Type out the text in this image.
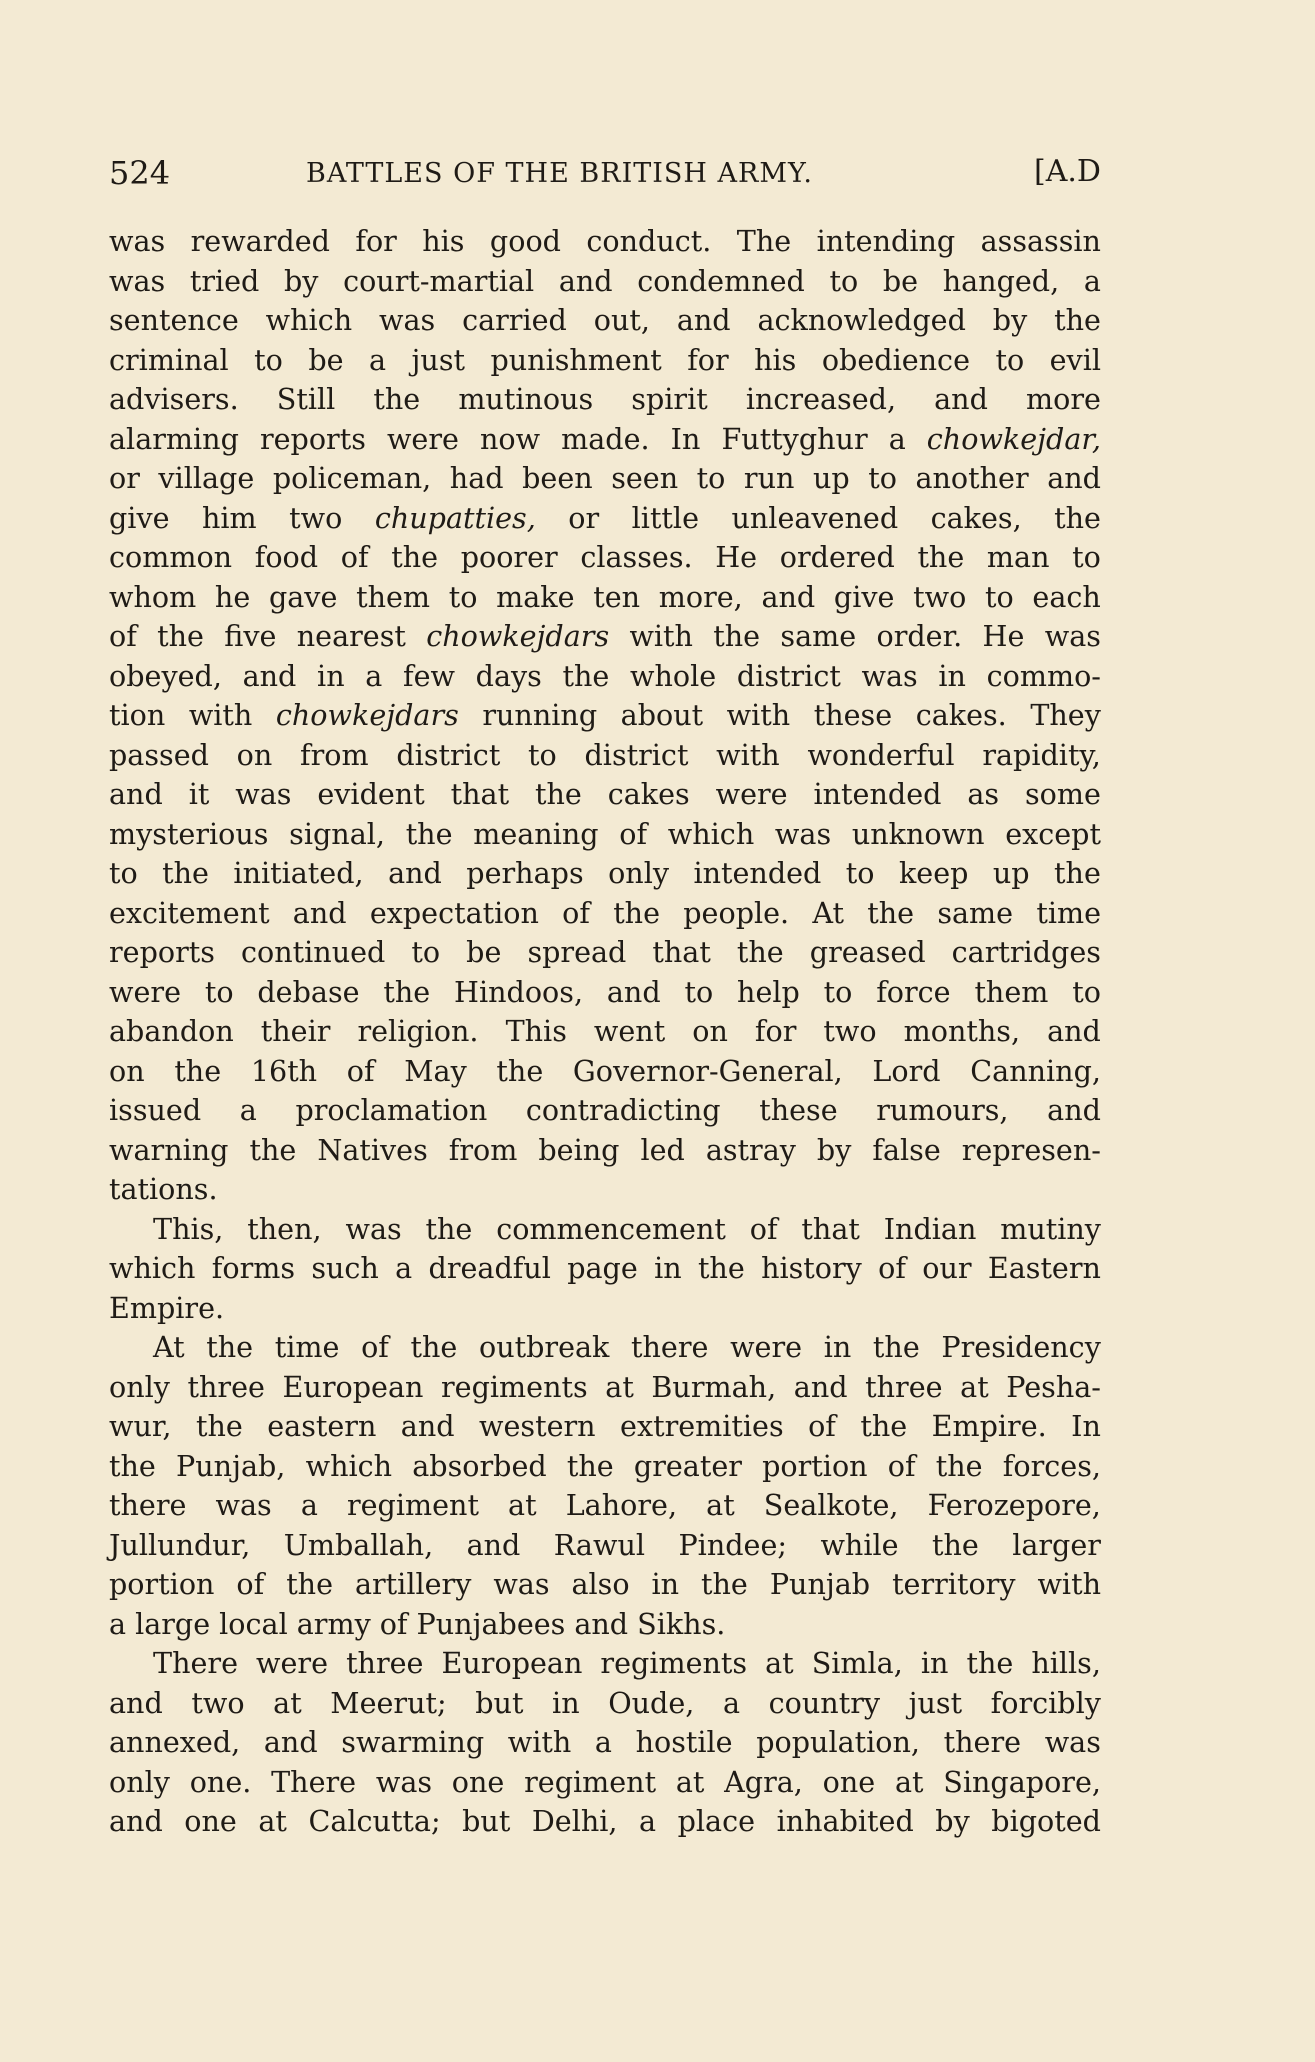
524	BATTLES OF THE BRITISH ARMY.	[A.D
was rewarded for his good conduct. The intending assassin
was tried by court-martial and condemned to be hanged, a
sentence which was carried out, and acknowledged by the
criminal to be a just punishment for his obedience to evil
advisers. Still the mutinous spirit increased, and more
alarming reports were now made. In Futtyghur a chowkejdar,
or village policeman, had been seen to run up to another and
give him two chupatties, or little unleavened cakes, the
common food of the poorer classes. He ordered the man to
whom he gave them to make ten more, and give two to each
of the five nearest chowkejdars with the same order. He was
obeyed, and in a few days the whole district was in commo-
tion with chowkejdars running about with these cakes. They
passed on from district to district with wonderful rapidity,
and it was evident that the cakes were intended as some
mysterious signal, the meaning of which was unknown except
to the initiated, and perhaps only intended to keep up the
excitement and expectation of the people. At the same time
reports continued to be spread that the greased cartridges
were to debase the Hindoos, and to help to force them to
abandon their religion. This went on for two months, and
on the 16th of May the Governor-General, Lord Canning,
issued a proclamation contradicting these rumours, and
warning the Natives from being led astray by false represen-
tations.
This, then, was the commencement of that Indian mutiny
which forms such a dreadful page in the history of our Eastern
Empire.
At the time of the outbreak there were in the Presidency
only three European regiments at Burmah, and three at Pesha-
wur, the eastern and western extremities of the Empire. In
the Punjab, which absorbed the greater portion of the forces,
there was a regiment at Lahore, at Sealkote, Ferozepore,
Jullundur, Umballah, and Rawul Pindee; while the larger
portion of the artillery was also in the Punjab territory with
a large local army of Punjabees and Sikhs.
There were three European regiments at Simla, in the hills,
and two at Meerut; but in Oude, a country just forcibly
annexed, and swarming with a hostile population, there was
only one. There was one regiment at Agra, one at Singapore,
and one at Calcutta; but Delhi, a place inhabited by bigoted
